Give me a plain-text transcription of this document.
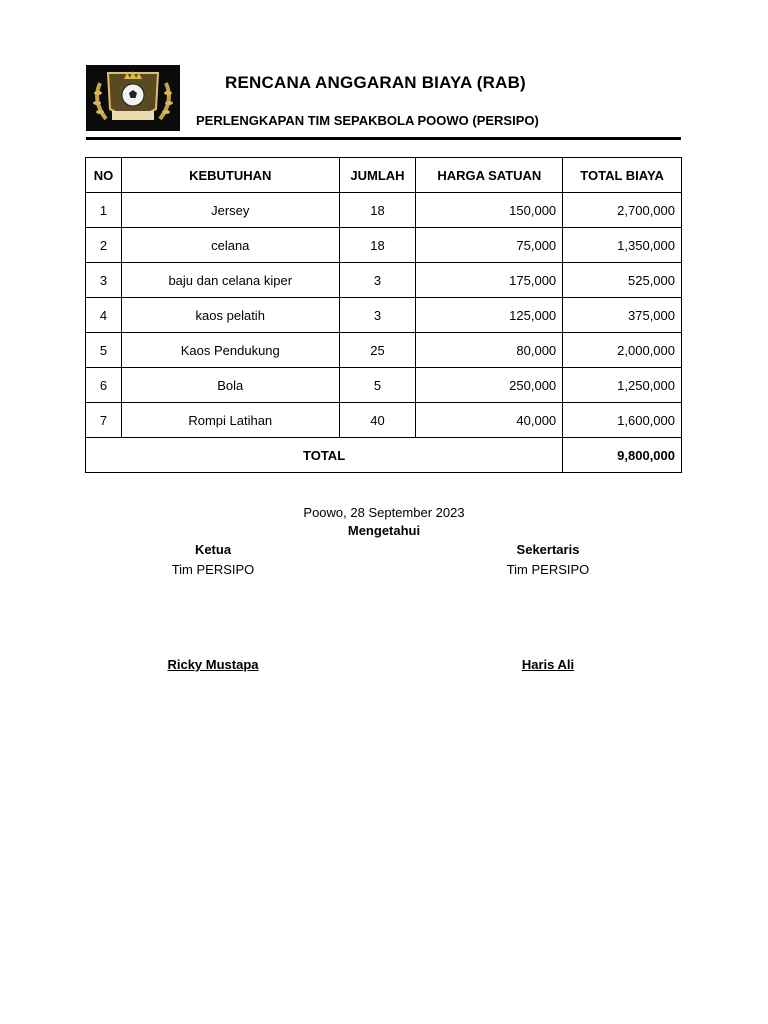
RENCANA ANGGARAN BIAYA (RAB)
PERLENGKAPAN TIM SEPAKBOLA POOWO (PERSIPO)
NO	KEBUTUHAN	JUMLAH	HARGA SATUAN	TOTAL BIAYA
1	Jersey	18	150,000	2,700,000
2	celana	18	75,000	1,350,000
3	baju dan celana kiper	3	175,000	525,000
4	kaos pelatih	3	125,000	375,000
5	Kaos Pendukung	25	80,000	2,000,000
6	Bola	5	250,000	1,250,000
7	Rompi Latihan	40	40,000	1,600,000
TOTAL				9,800,000
Poowo, 28 September 2023
Mengetahui
Ketua
Tim PERSIPO
Ricky Mustapa
Sekertaris
Tim PERSIPO
Haris Ali
